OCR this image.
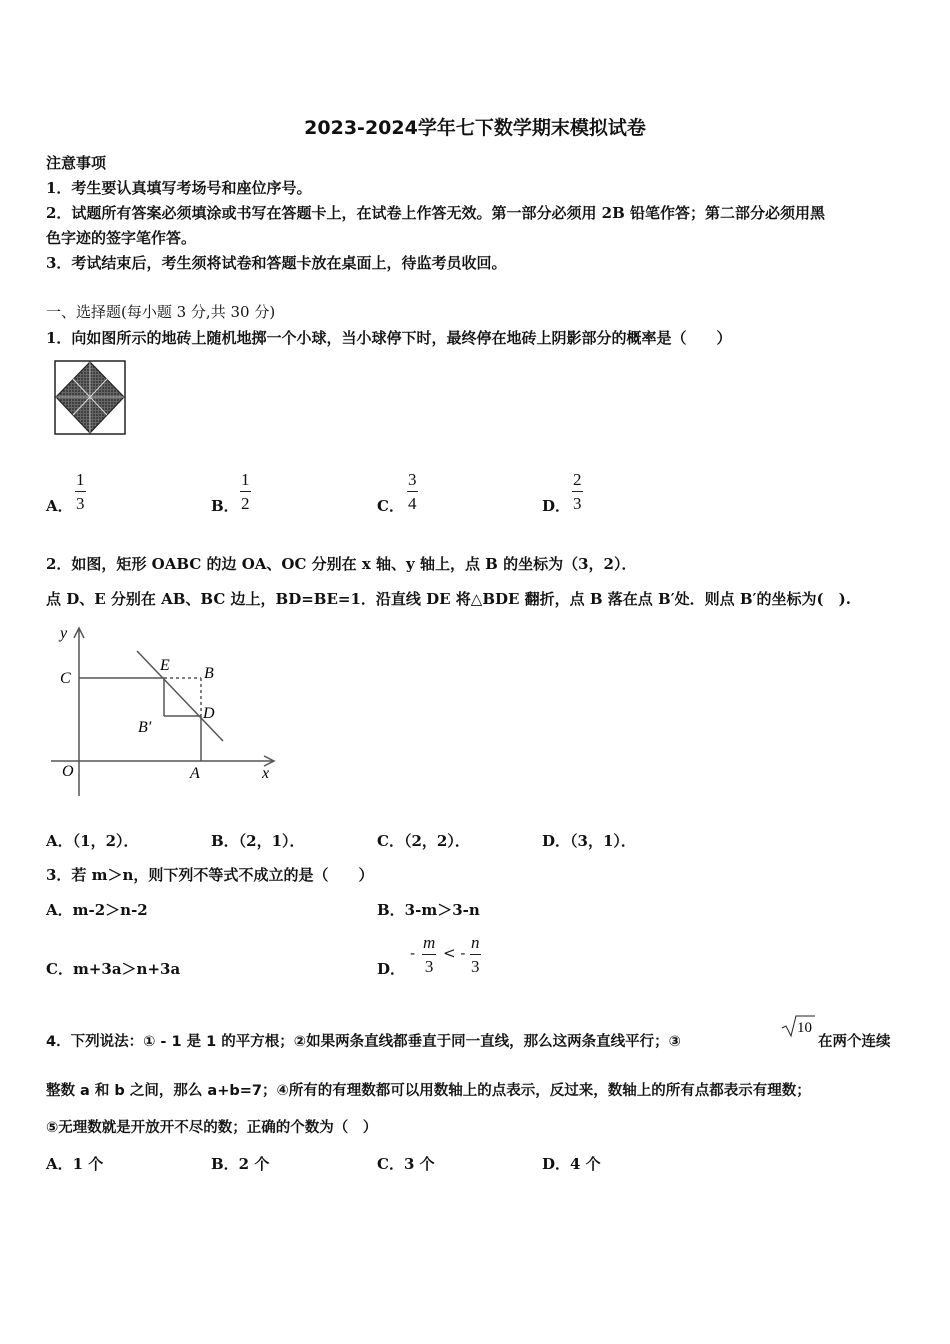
2023-2024学年七下数学期末模拟试卷
注意事项
1．考生要认真填写考场号和座位序号。
2．试题所有答案必须填涂或书写在答题卡上，在试卷上作答无效。第一部分必须用 2B 铅笔作答；第二部分必须用黑
色字迹的签字笔作答。
3．考试结束后，考生须将试卷和答题卡放在桌面上，待监考员收回。
一、选择题(每小题 3 分,共 30 分)
1．向如图所示的地砖上随机地掷一个小球，当小球停下时，最终停在地砖上阴影部分的概率是（　　）
A． $\frac{1}{3}$	B． $\frac{1}{2}$	C． $\frac{3}{4}$	D． $\frac{2}{3}$
2．如图，矩形 OABC 的边 OA、OC 分别在 x 轴、y 轴上，点 B 的坐标为（3，2）．
点 D、E 分别在 AB、BC 边上，BD=BE=1．沿直线 DE 将△BDE 翻折，点 B 落在点 B′处．则点 B′的坐标为(　).
y
x
O
C
E B
D
B′
A
A．（1，2）．	B．（2，1）．	C．（2，2）．	D．（3，1）．
3．若 m＞n，则下列不等式不成立的是（　　）
A．m-2＞n-2	B．3-m＞3-n
C．m+3a＞n+3a	D．
- $\frac{m}{3}$ < - $\frac{n}{3}$
4．下列说法：① - 1 是 1 的平方根；②如果两条直线都垂直于同一直线，那么这两条直线平行；③
10
在两个连续
整数 a 和 b 之间，那么 a+b=7；④所有的有理数都可以用数轴上的点表示，反过来，数轴上的所有点都表示有理数；
⑤无理数就是开放开不尽的数；正确的个数为（　）
A．1 个	B．2 个	C．3 个	D．4 个
